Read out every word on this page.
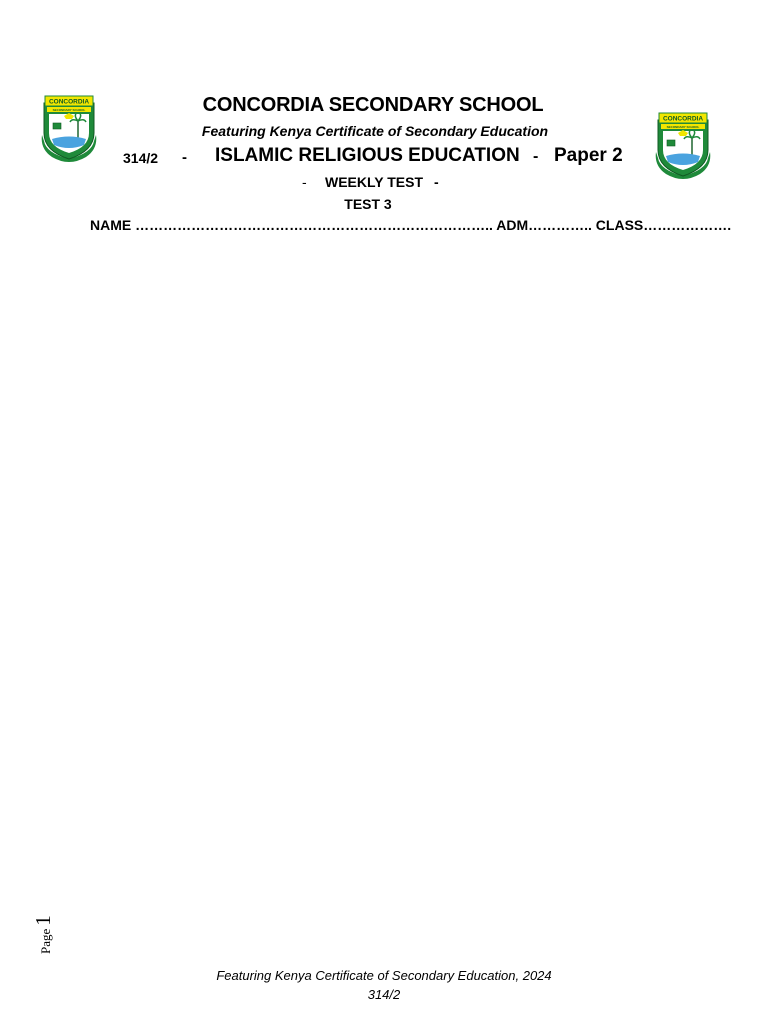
CONCORDIA
SECONDARY SCHOOL
CONCORDIA
SECONDARY SCHOOL
CONCORDIA SECONDARY SCHOOL
Featuring Kenya Certificate of Secondary Education
314/2 - ISLAMIC RELIGIOUS EDUCATION - Paper 2
- WEEKLY TEST -
TEST 3
NAME ………………………………………………………………….. ADM………….. CLASS……………….
Page1
Featuring Kenya Certificate of Secondary Education, 2024
314/2
